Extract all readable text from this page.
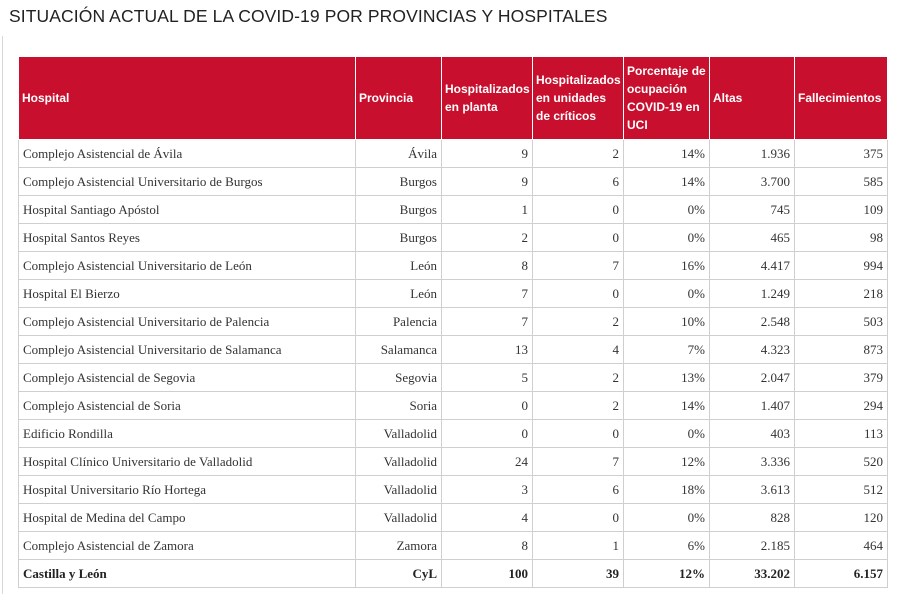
SITUACIÓN ACTUAL DE LA COVID-19 POR PROVINCIAS Y HOSPITALES
Hospital	Provincia	Hospitalizados en planta	Hospitalizados en unidades de críticos	Porcentaje de ocupación COVID-19 en UCI	Altas	Fallecimientos
Complejo Asistencial de Ávila	Ávila	9	2	14%	1.936	375
Complejo Asistencial Universitario de Burgos	Burgos	9	6	14%	3.700	585
Hospital Santiago Apóstol	Burgos	1	0	0%	745	109
Hospital Santos Reyes	Burgos	2	0	0%	465	98
Complejo Asistencial Universitario de León	León	8	7	16%	4.417	994
Hospital El Bierzo	León	7	0	0%	1.249	218
Complejo Asistencial Universitario de Palencia	Palencia	7	2	10%	2.548	503
Complejo Asistencial Universitario de Salamanca	Salamanca	13	4	7%	4.323	873
Complejo Asistencial de Segovia	Segovia	5	2	13%	2.047	379
Complejo Asistencial de Soria	Soria	0	2	14%	1.407	294
Edificio Rondilla	Valladolid	0	0	0%	403	113
Hospital Clínico Universitario de Valladolid	Valladolid	24	7	12%	3.336	520
Hospital Universitario Río Hortega	Valladolid	3	6	18%	3.613	512
Hospital de Medina del Campo	Valladolid	4	0	0%	828	120
Complejo Asistencial de Zamora	Zamora	8	1	6%	2.185	464
Castilla y León	CyL	100	39	12%	33.202	6.157
